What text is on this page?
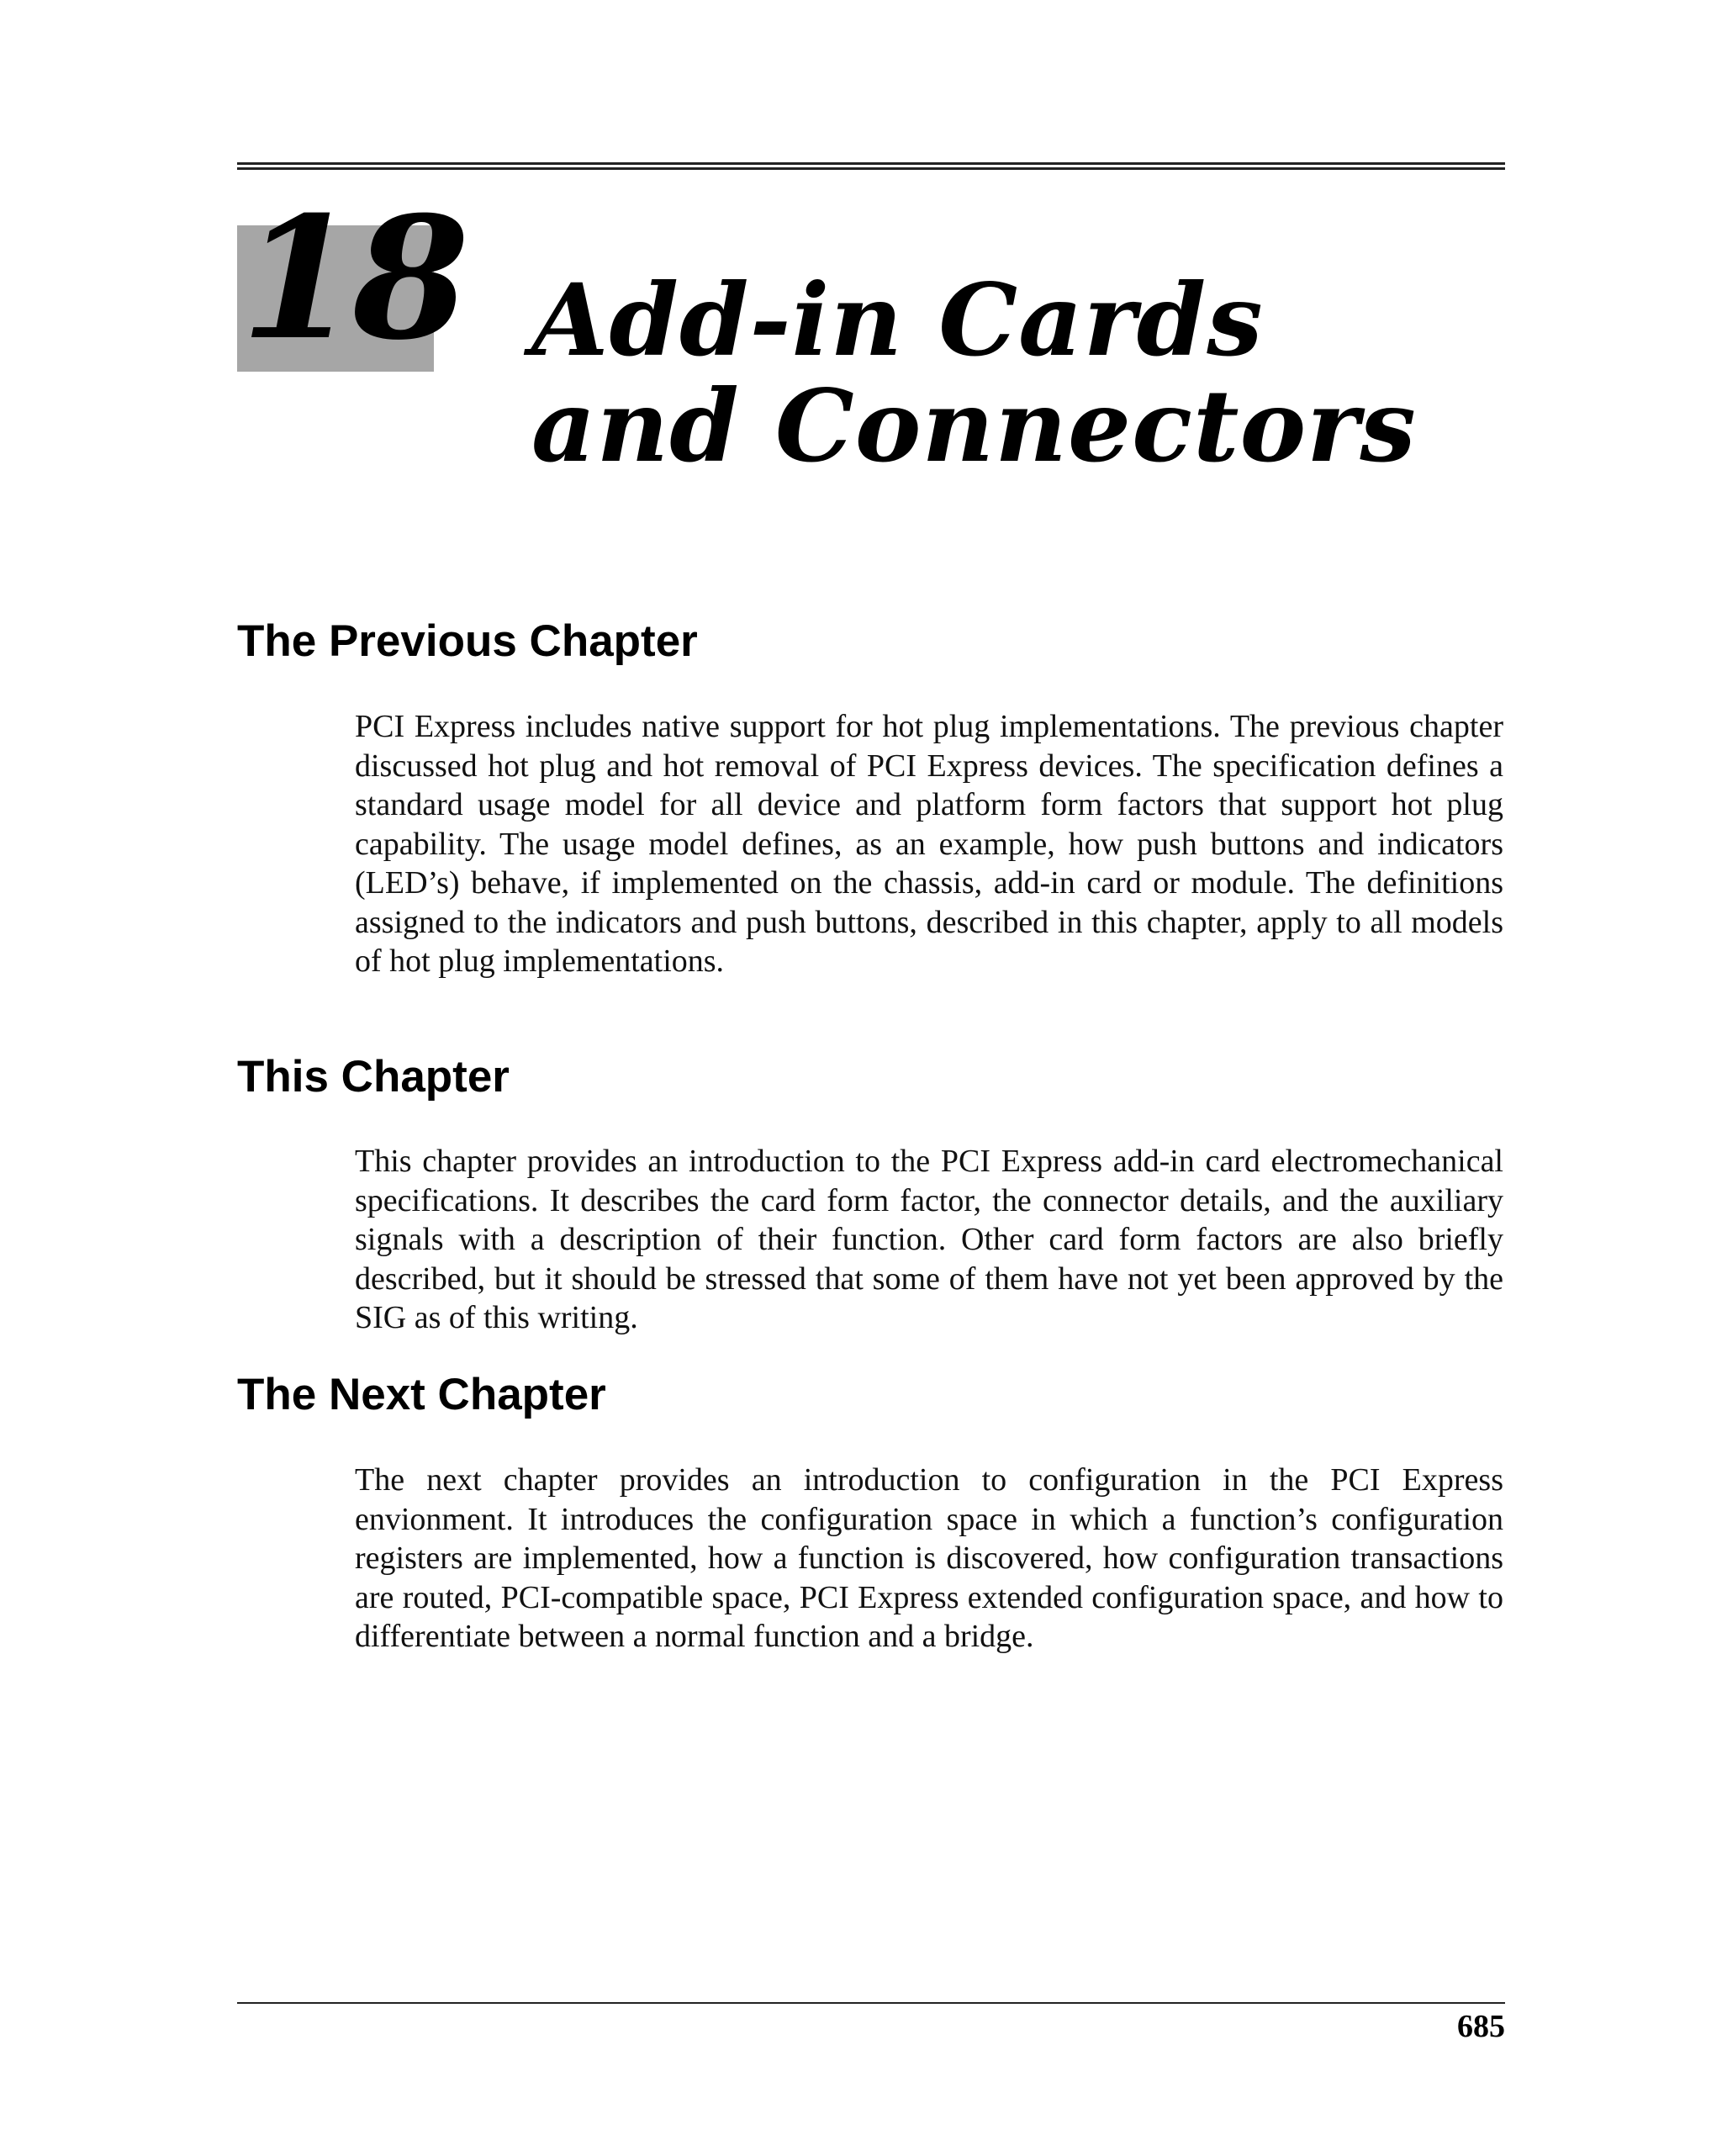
18 Add-in Cards and Connectors
The Previous Chapter

PCI Express includes native support for hot plug implementations. The previous chapter discussed hot plug and hot removal of PCI Express devices. The specification defines a standard usage model for all device and platform form factors that support hot plug capability. The usage model defines, as an example, how push buttons and indicators (LED’s) behave, if implemented on the chassis, add-in card or module. The definitions assigned to the indicators and push buttons, described in this chapter, apply to all models of hot plug implementations.

This Chapter

This chapter provides an introduction to the PCI Express add-in card electromechanical specifications. It describes the card form factor, the connector details, and the auxiliary signals with a description of their function. Other card form factors are also briefly described, but it should be stressed that some of them have not yet been approved by the SIG as of this writing.

The Next Chapter

The next chapter provides an introduction to configuration in the PCI Express envionment. It introduces the configuration space in which a function’s configuration registers are implemented, how a function is discovered, how configuration transactions are routed, PCI-compatible space, PCI Express extended configuration space, and how to differentiate between a normal function and a bridge.

685
